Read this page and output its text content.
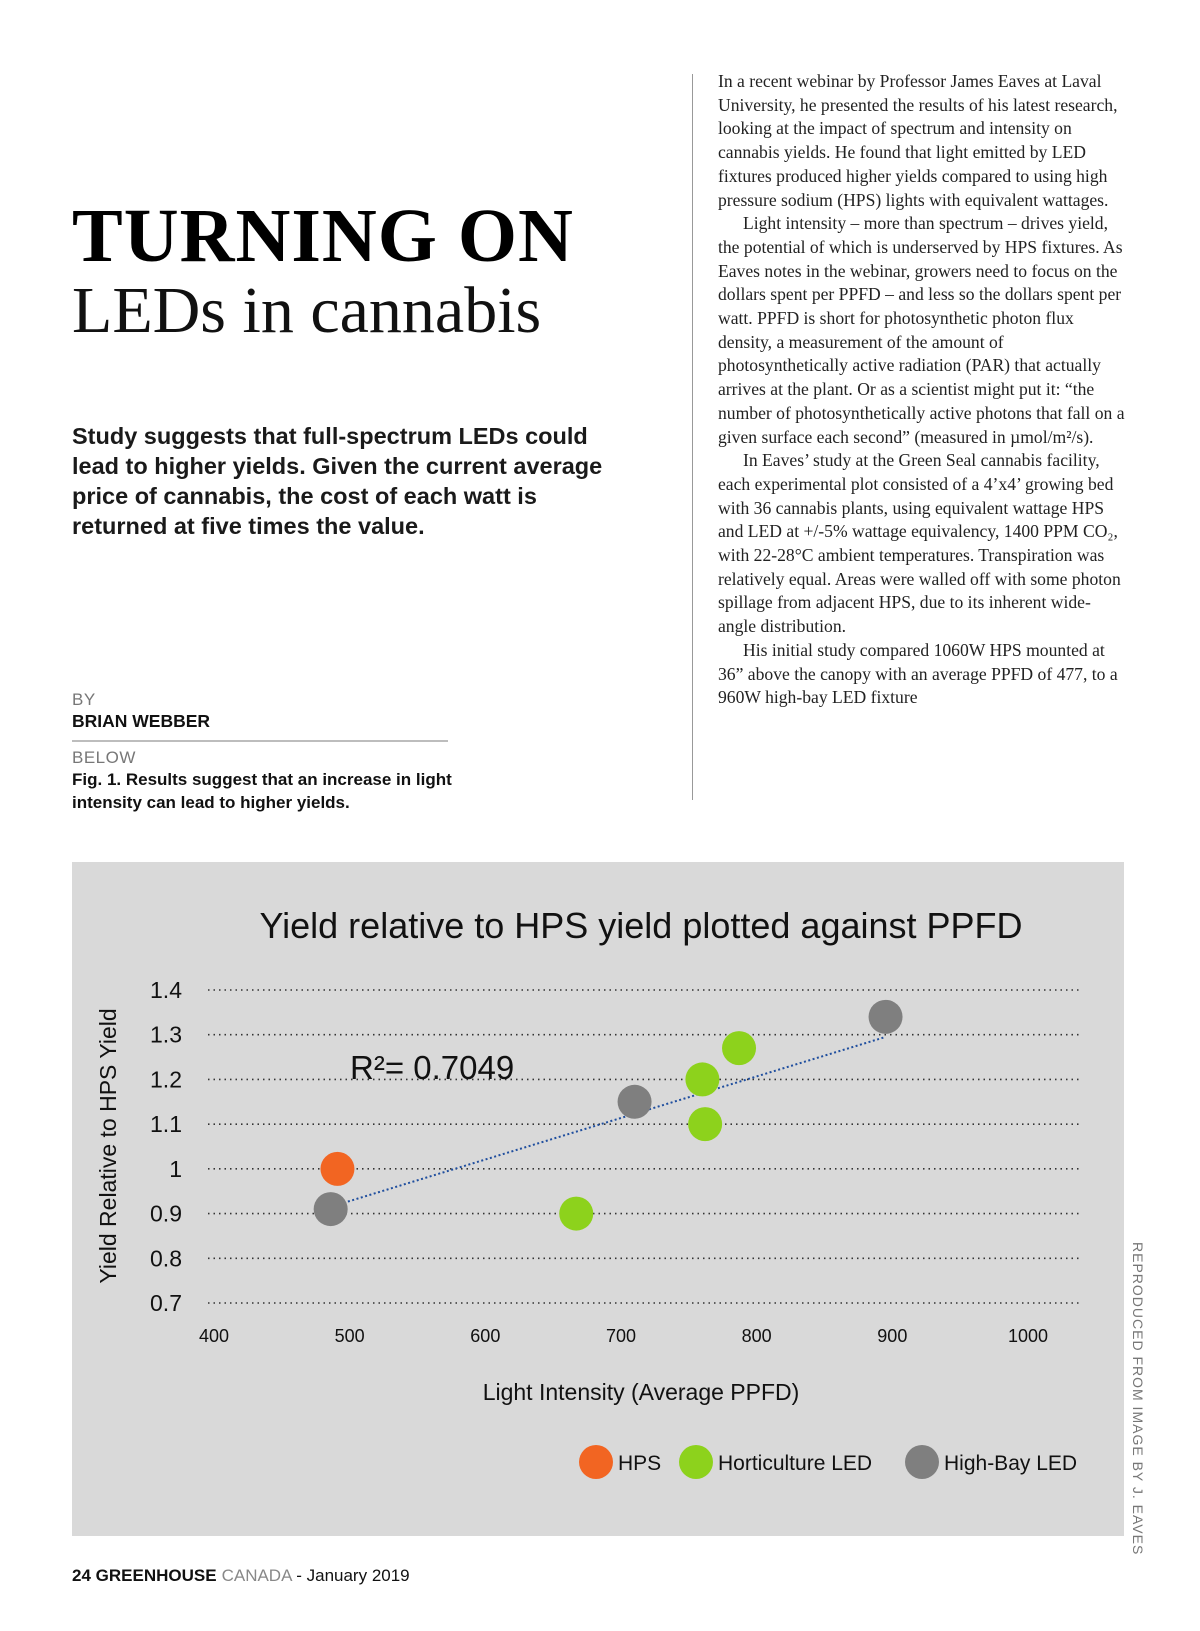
TURNING ON
LEDs in cannabis
Study suggests that full-spectrum LEDs could lead to higher yields. Given the current average price of cannabis, the cost of each watt is returned at five times the value.
BY
BRIAN WEBBER
BELOW
Fig. 1. Results suggest that an increase in light intensity can lead to higher yields.

In a recent webinar by Professor James Eaves at Laval University, he presented the results of his latest research, looking at the impact of spectrum and intensity on cannabis yields. He found that light emitted by LED fixtures produced higher yields compared to using high pressure sodium (HPS) lights with equivalent wattages.

Light intensity – more than spectrum – drives yield, the potential of which is underserved by HPS fixtures. As Eaves notes in the webinar, growers need to focus on the dollars spent per PPFD – and less so the dollars spent per watt. PPFD is short for photosynthetic photon flux density, a measurement of the amount of photosynthetically active radiation (PAR) that actually arrives at the plant. Or as a scientist might put it: “the number of photosynthetically active photons that fall on a given surface each second” (measured in µmol/m²/s).

In Eaves’ study at the Green Seal cannabis facility, each experimental plot consisted of a 4’x4’ growing bed with 36 cannabis plants, using equivalent wattage HPS and LED at +/-5% wattage equivalency, 1400 PPM CO₂, with 22-28°C ambient temperatures. Transpiration was relatively equal. Areas were walled off with some photon spillage from adjacent HPS, due to its inherent wide-angle distribution.

His initial study compared 1060W HPS mounted at 36” above the canopy with an average PPFD of 477, to a 960W high-bay LED fixture

Yield relative to HPS yield plotted against PPFD
1.4
1.3
1.2
1.1
1
0.9
0.8
0.7
400	500	600	700	800	900	1000
Light Intensity (Average PPFD)
Yield Relative to HPS Yield	R²= 0.7049
HPS	Horticulture LED	High-Bay LED	REPRODUCED FROM IMAGE BY J. EAVES
24 GREENHOUSE CANADA - January 2019
